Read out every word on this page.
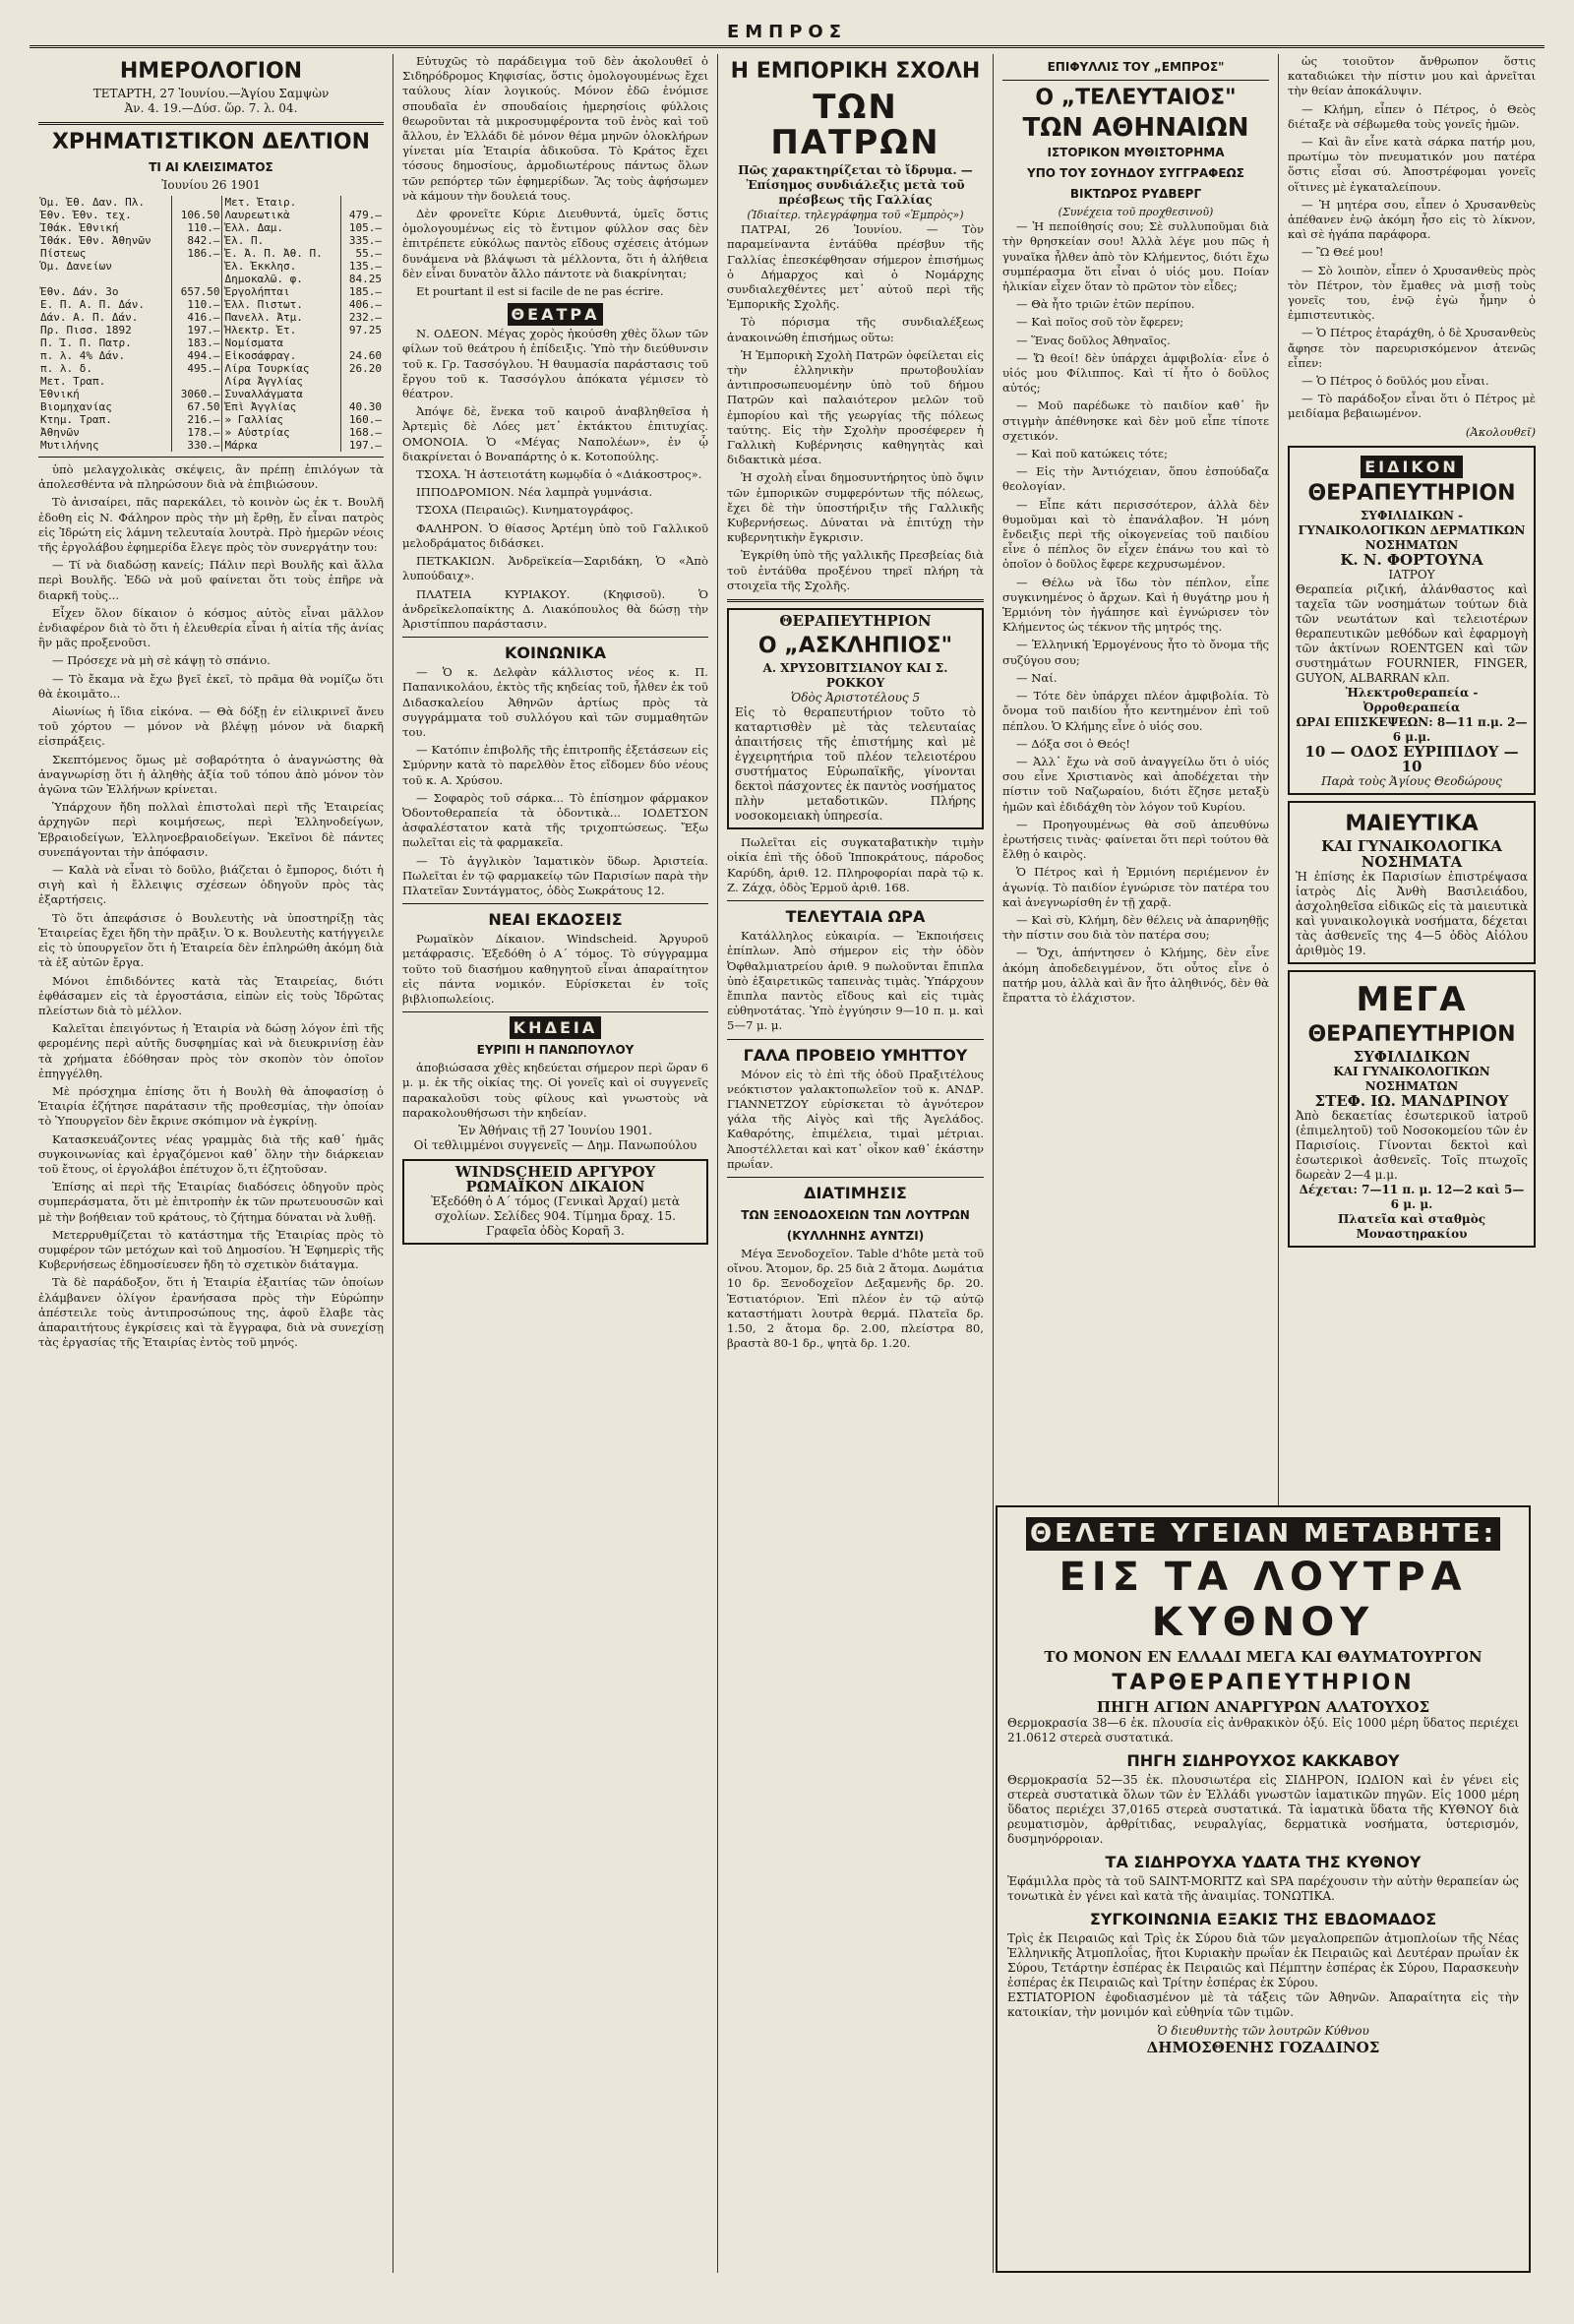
ΕΜΠΡΟΣ
ΗΜΕΡΟΛΟΓΙΟΝ
ΤΕΤΑΡΤΗ, 27 Ἰουνίου.—Ἁγίου Σαμψὼν
Ἀν. 4. 19.—Δύσ. ὥρ. 7. λ. 04.
ΧΡΗΜΑΤΙΣΤΙΚΟΝ ΔΕΛΤΙΟΝ
ΤΙ ΑΙ ΚΛΕΙΣΙΜΑΤΟΣ
Ἰουνίου 26 1901
Ὁμ. Ἐθ. Δαν. Πλ.		Μετ. Ἑταιρ.	
Ἐθν. Ἐθν. τεχ.	106.50	Λαυρεωτικὰ	479.—
Ἰθάκ. Ἐθνική	110.—	Ἑλλ. Δαμ.	105.—
Ἰθάκ. Ἐθν. Ἀθηνῶν	842.—	Ἐλ. Π.	335.—
Πίστεως	186.—	Ἐ. Ἀ. Π. Ἀθ. Π.	55.—
Ὁμ. Δανείων		Ἐλ. Ἐκκλησ.	135.—
		Δημοκαλῶ. φ.	84.25
Ἐθν. Δάν. 3ο	657.50	Ἐργολήπται	185.—
Ε. Π. Α. Π. Δάν.	110.—	Ἐλλ. Πιστωτ.	406.—
Δάν. Α. Π. Δάν.	416.—	Πανελλ. Ἀτμ.	232.—
Πρ. Πισσ. 1892	197.—	Ἠλεκτρ. Ἑτ.	97.25
Π. Ἰ. Π. Πατρ.	183.—	Νομίσματα	
π. λ. 4% Δάν.	494.—	Εἰκοσάφραγ.	24.60
π. λ. δ.	495.—	Λίρα Τουρκίας	26.20
Μετ. Τραπ.		Λίρα Ἀγγλίας	
Ἐθνική	3060.—	Συναλλάγματα	
Βιομηχανίας	67.50	Ἐπὶ Ἀγγλίας	40.30
Κτημ. Τραπ.	216.—	» Γαλλίας	160.—
Ἀθηνῶν	178.—	» Αὐστρίας	168.—
Μυτιλήνης	330.—	Μάρκα	197.—

ὑπὸ μελαγχολικὰς σκέψεις, ἂν πρέπῃ ἐπιλόγων τὰ ἀπολεσθέντα νὰ πληρώσουν διὰ νὰ ἐπιβιώσουν.

Τὸ ἀνισαίρει, πᾶς παρεκάλει, τὸ κοινὸν ὡς ἐκ τ. Βουλῆ ἐδοθη εἰς Ν. Φάληρον πρὸς τὴν μὴ ἔρθῃ, ἔν εἶναι πατρὸς εἰς Ἰδρώτη εἰς λάμνη τελευταία λουτρὰ. Πρὸ ἡμερῶν νέοις τῆς ἐργολάβου ἐφημερίδα ἔλεγε πρὸς τὸν συνεργάτην του:

— Τί νὰ διαδώσῃ κανείς; Πάλιν περὶ Βουλῆς καὶ ἄλλα περὶ Βουλῆς. Ἐδῶ νὰ μοῦ φαίνεται ὅτι τοὺς ἐπῆρε νὰ διαρκῆ τοὺς...

Εἶχεν ὅλον δίκαιον ὁ κόσμος αὐτὸς εἶναι μᾶλλον ἐνδιαφέρον διὰ τὸ ὅτι ἡ ἐλευθερία εἶναι ἡ αἰτία τῆς ἀνίας ἣν μᾶς προξενοῦσι.

— Πρόσεχε νὰ μὴ σὲ κάψῃ τὸ σπάνιο.

— Τὸ ἔκαμα νὰ ἔχω βγεῖ ἐκεῖ, τὸ πρᾶμα θὰ νομίζω ὅτι θὰ ἐκοιμᾶτο...

Αἰωνίως ἡ ἴδια εἰκόνα. — Θὰ δόξῃ ἐν εἰλικρινεῖ ἄνευ τοῦ χόρτου — μόνον νὰ βλέψῃ μόνον νὰ διαρκῆ εἰσπράξεις.

Σκεπτόμενος ὅμως μὲ σοβαρότητα ὁ ἀναγνώστης θὰ ἀναγνωρίσῃ ὅτι ἡ ἀληθὴς ἀξία τοῦ τόπου ἀπὸ μόνον τὸν ἀγῶνα τῶν Ἑλλήνων κρίνεται.

Ὑπάρχουν ἤδη πολλαὶ ἐπιστολαὶ περὶ τῆς Ἑταιρείας ἀρχηγῶν περὶ κοιμήσεως, περὶ Ἑλληνοδείγων, Ἑβραιοδείγων, Ἑλληνοεβραιοδείγων. Ἐκεῖνοι δὲ πάντες συνεπάγονται τὴν ἀπόφασιν.

— Καλὰ νὰ εἶναι τὸ δοῦλο, βιάζεται ὁ ἔμπορος, διότι ἡ σιγὴ καὶ ἡ ἔλλειψις σχέσεων ὁδηγοῦν πρὸς τὰς ἐξαρτήσεις.

Τὸ ὅτι ἀπεφάσισε ὁ Βουλευτὴς νὰ ὑποστηρίξῃ τὰς Ἑταιρείας ἔχει ἤδη τὴν πρᾶξιν. Ὁ κ. Βουλευτὴς κατήγγειλε εἰς τὸ ὑπουργεῖον ὅτι ἡ Ἑταιρεία δὲν ἐπληρώθη ἀκόμη διὰ τὰ ἐξ αὐτῶν ἔργα.

Μόνοι ἐπιδιδόντες κατὰ τὰς Ἑταιρείας, διότι ἐφθάσαμεν εἰς τὰ ἐργοστάσια, εἰπὼν εἰς τοὺς Ἰδρῶτας πλείστων διὰ τὸ μέλλον.

Καλεῖται ἐπειγόντως ἡ Ἑταιρία νὰ δώσῃ λόγον ἐπὶ τῆς φερομένης περὶ αὐτῆς δυσφημίας καὶ νὰ διευκρινίσῃ ἐὰν τὰ χρήματα ἐδόθησαν πρὸς τὸν σκοπὸν τὸν ὁποῖον ἐπηγγέλθη.

Μὲ πρόσχημα ἐπίσης ὅτι ἡ Βουλὴ θὰ ἀποφασίσῃ ὁ Ἑταιρία ἐζήτησε παράτασιν τῆς προθεσμίας, τὴν ὁποίαν τὸ Ὑπουργεῖον δὲν ἔκρινε σκόπιμον νὰ ἐγκρίνῃ.

Κατασκευάζοντες νέας γραμμὰς διὰ τῆς καθ᾽ ἡμᾶς συγκοινωνίας καὶ ἐργαζόμενοι καθ᾽ ὅλην τὴν διάρκειαν τοῦ ἔτους, οἱ ἐργολάβοι ἐπέτυχον ὅ,τι ἐζητοῦσαν.

Ἐπίσης αἱ περὶ τῆς Ἑταιρίας διαδόσεις ὁδηγοῦν πρὸς συμπεράσματα, ὅτι μὲ ἐπιτροπὴν ἐκ τῶν πρωτευουσῶν καὶ μὲ τὴν βοήθειαν τοῦ κράτους, τὸ ζήτημα δύναται νὰ λυθῇ.

Μετερρυθμίζεται τὸ κατάστημα τῆς Ἑταιρίας πρὸς τὸ συμφέρον τῶν μετόχων καὶ τοῦ Δημοσίου. Ἡ Ἐφημερὶς τῆς Κυβερνήσεως ἐδημοσίευσεν ἤδη τὸ σχετικὸν διάταγμα.

Τὰ δὲ παράδοξον, ὅτι ἡ Ἑταιρία ἐξαιτίας τῶν ὁποίων ἐλάμβανεν ὀλίγον ἐρανήσασα πρὸς τὴν Εὐρώπην ἀπέστειλε τοὺς ἀντιπροσώπους της, ἀφοῦ ἔλαβε τὰς ἀπαραιτήτους ἐγκρίσεις καὶ τὰ ἔγγραφα, διὰ νὰ συνεχίσῃ τὰς ἐργασίας τῆς Ἑταιρίας ἐντὸς τοῦ μηνός.

Εὐτυχῶς τὸ παράδειγμα τοῦ δὲν ἀκολουθεῖ ὁ Σιδηρόδρομος Κηφισίας, ὅστις ὁμολογουμένως ἔχει ταύλους λίαν λογικούς. Μόνον ἐδῶ ἐνόμισε σπουδαῖα ἐν σπουδαίοις ἡμερησίοις φύλλοις θεωροῦνται τὰ μικροσυμφέροντα τοῦ ἑνὸς καὶ τοῦ ἄλλου, ἐν Ἑλλάδι δὲ μόνον θέμα μηνῶν ὁλοκλήρων γίνεται μία Ἑταιρία ἀδικοῦσα. Τὸ Κράτος ἔχει τόσους δημοσίους, ἀρμοδιωτέρους πάντως ὅλων τῶν ρεπόρτερ τῶν ἐφημερίδων. Ἂς τοὺς ἀφήσωμεν νὰ κάμουν τὴν δουλειά τους.

Δὲν φρονεῖτε Κύριε Διευθυντά, ὑμεῖς ὅστις ὁμολογουμένως εἰς τὸ ἔντιμον φύλλον σας δὲν ἐπιτρέπετε εὐκόλως παντὸς εἴδους σχέσεις ἀτόμων δυνάμενα νὰ βλάψωσι τὰ μέλλοντα, ὅτι ἡ ἀλήθεια δὲν εἶναι δυνατὸν ἄλλο πάντοτε νὰ διακρίνηται;

Et pourtant il est si facile de ne pas écrire.

ΘΕΑΤΡΑ

Ν. ΟΔΕΟΝ. Μέγας χορὸς ἠκούσθη χθὲς ὅλων τῶν φίλων τοῦ θεάτρου ἡ ἐπίδειξις. Ὑπὸ τὴν διεύθυνσιν τοῦ κ. Γρ. Τασσόγλου. Ἡ θαυμασία παράστασις τοῦ ἔργου τοῦ κ. Τασσόγλου ἀπόκατα γέμισεν τὸ θέατρον.

Ἀπόψε δὲ, ἕνεκα τοῦ καιροῦ ἀναβληθεῖσα ἡ Ἀρτεμὶς δὲ Λόες μετ᾽ ἐκτάκτου ἐπιτυχίας. ΟΜΟΝΟΙΑ. Ὁ «Μέγας Ναπολέων», ἐν ᾧ διακρίνεται ὁ Βοναπάρτης ὁ κ. Κοτοπούλης.

ΤΣΟΧΑ. Ἡ ἀστειοτάτη κωμῳδία ὁ «Διάκοστρος».

ΙΠΠΟΔΡΟΜΙΟΝ. Νέα λαμπρὰ γυμνάσια.

ΤΣΟΧΑ (Πειραιῶς). Κινηματογράφος.

ΦΑΛΗΡΟΝ. Ὁ θίασος Ἀρτέμη ὑπὸ τοῦ Γαλλικοῦ μελοδράματος διδάσκει.

ΠΕΤΚΑΚΙΩΝ. Ἀνδρεϊκεία—Σαριδάκη, Ὁ «Ἀπὸ λυπούδαιχ».

ΠΛΑΤΕΙΑ ΚΥΡΙΑΚΟΥ. (Κηφισοῦ). Ὁ ἀνδρεῖκελοπαίκτης Δ. Λιακόπουλος θὰ δώσῃ τὴν Ἀριστίππου παράστασιν.

ΚΟΙΝΩΝΙΚΑ

— Ὁ κ. Δελφὰν κάλλιστος νέος κ. Π. Παπανικολάου, ἐκτὸς τῆς κηδείας τοῦ, ἦλθεν ἐκ τοῦ Διδασκαλείου Ἀθηνῶν ἀρτίως πρὸς τὰ συγγράμματα τοῦ συλλόγου καὶ τῶν συμμαθητῶν του.

— Κατόπιν ἐπιβολῆς τῆς ἐπιτροπῆς ἐξετάσεων εἰς Σμύρνην κατὰ τὸ παρελθὸν ἔτος εἴδομεν δύο νέους τοῦ κ. Α. Χρύσου.

— Σοφαρὸς τοῦ σάρκα... Τὸ ἐπίσημον φάρμακον Ὀδοντοθεραπεία τὰ ὀδοντικὰ... ΙΟΔΕΤΣΟΝ ἀσφαλέστατον κατὰ τῆς τριχοπτώσεως. Ἔξω πωλεῖται εἰς τὰ φαρμακεῖα.

— Τὸ ἀγγλικὸν Ἰαματικὸν ὕδωρ. Ἀριστεία. Πωλεῖται ἐν τῷ φαρμακείῳ τῶν Παρισίων παρὰ τὴν Πλατεῖαν Συντάγματος, ὁδὸς Σωκράτους 12.

ΝΕΑΙ ΕΚΔΟΣΕΙΣ

Ρωμαϊκὸν Δίκαιον. Windscheid. Ἀργυροῦ μετάφρασις. Ἐξεδόθη ὁ Α΄ τόμος. Τὸ σύγγραμμα τοῦτο τοῦ διασήμου καθηγητοῦ εἶναι ἀπαραίτητον εἰς πάντα νομικόν. Εὑρίσκεται ἐν τοῖς βιβλιοπωλείοις.

ΚΗΔΕΙΑ
ΕΥΡΙΠΙ Η ΠΑΝΩΠΟΥΛΟΥ

ἀποβιώσασα χθὲς κηδεύεται σήμερον περὶ ὥραν 6 μ. μ. ἐκ τῆς οἰκίας της. Οἱ γονεῖς καὶ οἱ συγγενεῖς παρακαλοῦσι τοὺς φίλους καὶ γνωστοὺς νὰ παρακολουθήσωσι τὴν κηδείαν.

Ἐν Ἀθήναις τῇ 27 Ἰουνίου 1901.
Οἱ τεθλιμμένοι συγγενεῖς — Δημ. Πανωπούλου
WINDSCHEID ΑΡΓΥΡΟΥ
ΡΩΜΑΪΚΟΝ ΔΙΚΑΙΟΝ
Ἐξεδόθη ὁ Α΄ τόμος (Γενικαὶ Ἀρχαί) μετὰ σχολίων. Σελίδες 904. Τίμημα δραχ. 15. Γραφεῖα ὁδὸς Κοραῆ 3.
Η ΕΜΠΟΡΙΚΗ ΣΧΟΛΗ
ΤΩΝ ΠΑΤΡΩΝ
Πῶς χαρακτηρίζεται τὸ ἴδρυμα. — Ἐπίσημος συνδιάλεξις μετὰ τοῦ πρέσβεως τῆς Γαλλίας
(Ἰδιαίτερ. τηλεγράφημα τοῦ «Ἐμπρὸς»)

ΠΑΤΡΑΙ, 26 Ἰουνίου. — Τὸν παραμείναντα ἐντάῦθα πρέσβυν τῆς Γαλλίας ἐπεσκέφθησαν σήμερον ἐπισήμως ὁ Δήμαρχος καὶ ὁ Νομάρχης συνδιαλεχθέντες μετ᾽ αὐτοῦ περὶ τῆς Ἐμπορικῆς Σχολῆς.

Τὸ πόρισμα τῆς συνδιαλέξεως ἀνακοινώθη ἐπισήμως οὕτω:

Ἡ Ἐμπορικὴ Σχολὴ Πατρῶν ὀφείλεται εἰς τὴν ἑλληνικὴν πρωτοβουλίαν ἀντιπροσωπευομένην ὑπὸ τοῦ δήμου Πατρῶν καὶ παλαιότερον μελῶν τοῦ ἐμπορίου καὶ τῆς γεωργίας τῆς πόλεως ταύτης. Εἰς τὴν Σχολὴν προσέφερεν ἡ Γαλλικὴ Κυβέρνησις καθηγητὰς καὶ διδακτικὰ μέσα.

Ἡ σχολὴ εἶναι δημοσυντήρητος ὑπὸ ὄψιν τῶν ἐμπορικῶν συμφερόντων τῆς πόλεως, ἔχει δὲ τὴν ὑποστήριξιν τῆς Γαλλικῆς Κυβερνήσεως. Δύναται νὰ ἐπιτύχῃ τὴν κυβερνητικὴν ἔγκρισιν.

Ἐγκρίθη ὑπὸ τῆς γαλλικῆς Πρεσβείας διὰ τοῦ ἐντάῦθα προξένου τηρεῖ πλήρη τὰ στοιχεῖα τῆς Σχολῆς.

ΘΕΡΑΠΕΥΤΗΡΙΟΝ
Ο „ΑΣΚΛΗΠΙΟΣ"
Α. ΧΡΥΣΟΒΙΤΣΙΑΝΟΥ ΚΑΙ Σ. ΡΟΚΚΟΥ
Ὁδὸς Ἀριστοτέλους 5
Εἰς τὸ θεραπευτήριον τοῦτο τὸ καταρτισθὲν μὲ τὰς τελευταίας ἀπαιτήσεις τῆς ἐπιστήμης καὶ μὲ ἐγχειρητήρια τοῦ πλέον τελειοτέρου συστήματος Εὐρωπαϊκῆς, γίνονται δεκτοὶ πάσχοντες ἐκ παντὸς νοσήματος πλὴν μεταδοτικῶν. Πλήρης νοσοκομειακὴ ὑπηρεσία.

Πωλεῖται εἰς συγκαταβατικὴν τιμὴν οἰκία ἐπὶ τῆς ὁδοῦ Ἱπποκράτους, πάροδος Καρύδη, ἀριθ. 12. Πληροφορίαι παρὰ τῷ κ. Ζ. Ζάχᾳ, ὁδὸς Ἑρμοῦ ἀριθ. 168.

ΤΕΛΕΥΤΑΙΑ ΩΡΑ

Κατάλληλος εὐκαιρία. — Ἐκποιήσεις ἐπίπλων. Ἀπὸ σήμερον εἰς τὴν ὁδὸν Ὀφθαλμιατρείου ἀριθ. 9 πωλοῦνται ἔπιπλα ὑπὸ ἐξαιρετικῶς ταπεινὰς τιμὰς. Ὑπάρχουν ἔπιπλα παντὸς εἴδους καὶ εἰς τιμὰς εὐθηνοτάτας. Ὑπὸ ἐγγύησιν 9—10 π. μ. καὶ 5—7 μ. μ.

ΓΑΛΑ ΠΡΟΒΕΙΟ ΥΜΗΤΤΟΥ

Μόνον εἰς τὸ ἐπὶ τῆς ὁδοῦ Πραξιτέλους νεόκτιστον γαλακτοπωλεῖον τοῦ κ. ΑΝΔΡ. ΓΙΑΝΝΕΤΖΟΥ εὑρίσκεται τὸ ἀγνότερον γάλα τῆς Αἰγὸς καὶ τῆς Ἀγελάδος. Καθαρότης, ἐπιμέλεια, τιμαὶ μέτριαι. Ἀποστέλλεται καὶ κατ᾽ οἶκον καθ᾽ ἑκάστην πρωΐαν.

ΔΙΑΤΙΜΗΣΙΣ
ΤΩΝ ΞΕΝΟΔΟΧΕΙΩΝ ΤΩΝ ΛΟΥΤΡΩΝ
(ΚΥΛΛΗΝΗΣ ΑΥΝΤΖΙ)

Μέγα Ξενοδοχεῖον. Table d'hôte μετὰ τοῦ οἴνου. Ἄτομον, δρ. 25 διὰ 2 ἄτομα. Δωμάτια 10 δρ. Ξενοδοχεῖον Δεξαμενῆς δρ. 20. Ἑστιατόριον. Ἐπὶ πλέον ἐν τῷ αὐτῷ καταστήματι λουτρὰ θερμά. Πλατεῖα δρ. 1.50, 2 ἄτομα δρ. 2.00, πλείστρα 80, βραστὰ 80-1 δρ., ψητὰ δρ. 1.20.

ΕΠΙΦΥΛΛΙΣ ΤΟΥ „ΕΜΠΡΟΣ"
Ο „ΤΕΛΕΥΤΑΙΟΣ"
ΤΩΝ ΑΘΗΝΑΙΩΝ
ΙΣΤΟΡΙΚΟΝ ΜΥΘΙΣΤΟΡΗΜΑ
ΥΠΟ ΤΟΥ ΣΟΥΗΔΟΥ ΣΥΓΓΡΑΦΕΩΣ
ΒΙΚΤΩΡΟΣ ΡΥΔΒΕΡΓ
(Συνέχεια τοῦ προχθεσινοῦ)

— Ἡ πεποίθησίς σου; Σὲ συλλυποῦμαι διὰ τὴν θρησκείαν σου! Ἀλλὰ λέγε μου πῶς ἡ γυναῖκα ἦλθεν ἀπὸ τὸν Κλήμεντος, διότι ἔχω συμπέρασμα ὅτι εἶναι ὁ υἱός μου. Ποίαν ἡλικίαν εἶχεν ὅταν τὸ πρῶτον τὸν εἶδες;

— Θὰ ἦτο τριῶν ἐτῶν περίπου.

— Καὶ ποῖος σοῦ τὸν ἔφερεν;

— Ἕνας δοῦλος Ἀθηναῖος.

— Ὤ θεοί! δὲν ὑπάρχει ἀμφιβολία· εἶνε ὁ υἱός μου Φίλιππος. Καὶ τί ἦτο ὁ δοῦλος αὐτός;

— Μοῦ παρέδωκε τὸ παιδίον καθ᾽ ἣν στιγμὴν ἀπέθνησκε καὶ δὲν μοῦ εἶπε τίποτε σχετικόν.

— Καὶ ποῦ κατώκεις τότε;

— Εἰς τὴν Ἀντιόχειαν, ὅπου ἐσπούδαζα θεολογίαν.

— Εἶπε κάτι περισσότερον, ἀλλὰ δὲν θυμοῦμαι καὶ τὸ ἐπανάλαβον. Ἡ μόνη ἔνδειξις περὶ τῆς οἰκογενείας τοῦ παιδίου εἶνε ὁ πέπλος ὃν εἶχεν ἐπάνω του καὶ τὸ ὁποῖον ὁ δοῦλος ἔφερε κεχρυσωμένον.

— Θέλω νὰ ἴδω τὸν πέπλον, εἶπε συγκινημένος ὁ ἄρχων. Καὶ ἡ θυγάτηρ μου ἡ Ἑρμιόνη τὸν ἠγάπησε καὶ ἐγνώρισεν τὸν Κλήμεντος ὡς τέκνον τῆς μητρός της.

— Ἑλληνική Ἑρμογένους ἦτο τὸ ὄνομα τῆς συζύγου σου;

— Ναί.

— Τότε δὲν ὑπάρχει πλέον ἀμφιβολία. Τὸ ὄνομα τοῦ παιδίου ἦτο κεντημένον ἐπὶ τοῦ πέπλου. Ὁ Κλήμης εἶνε ὁ υἱός σου.

— Δόξα σοι ὁ Θεός!

— Ἀλλ᾽ ἔχω νὰ σοῦ ἀναγγείλω ὅτι ὁ υἱός σου εἶνε Χριστιανὸς καὶ ἀποδέχεται τὴν πίστιν τοῦ Ναζωραίου, διότι ἔζησε μεταξὺ ἡμῶν καὶ ἐδιδάχθη τὸν λόγον τοῦ Κυρίου.

— Προηγουμένως θὰ σοῦ ἀπευθύνω ἐρωτήσεις τινὰς· φαίνεται ὅτι περὶ τούτου θὰ ἔλθῃ ὁ καιρὸς.

Ὁ Πέτρος καὶ ἡ Ἑρμιόνη περιέμενον ἐν ἀγωνίᾳ. Τὸ παιδίον ἐγνώρισε τὸν πατέρα του καὶ ἀνεγνωρίσθη ἐν τῇ χαρᾷ.

— Καὶ σὺ, Κλήμη, δὲν θέλεις νὰ ἀπαρνηθῇς τὴν πίστιν σου διὰ τὸν πατέρα σου;

— Ὄχι, ἀπήντησεν ὁ Κλήμης, δὲν εἶνε ἀκόμη ἀποδεδειγμένον, ὅτι οὗτος εἶνε ὁ πατήρ μου, ἀλλὰ καὶ ἂν ἦτο ἀληθινός, δὲν θὰ ἔπραττα τὸ ἐλάχιστον.

ὡς τοιοῦτον ἄνθρωπον ὅστις καταδιώκει τὴν πίστιν μου καὶ ἀρνεῖται τὴν θείαν ἀποκάλυψιν.

— Κλήμη, εἶπεν ὁ Πέτρος, ὁ Θεὸς διέταξε νὰ σέβωμεθα τοὺς γονεῖς ἡμῶν.

— Καὶ ἂν εἶνε κατὰ σάρκα πατήρ μου, πρωτίμω τὸν πνευματικόν μου πατέρα ὅστις εἶσαι σύ. Ἀποστρέφομαι γονεῖς οἵτινες μὲ ἐγκαταλείπουν.

— Ἡ μητέρα σου, εἶπεν ὁ Χρυσανθεὺς ἀπέθανεν ἐνῷ ἀκόμη ἦσο εἰς τὸ λίκνον, καὶ σὲ ἡγάπα παράφορα.

— Ὢ Θεέ μου!

— Σὸ λοιπὸν, εἶπεν ὁ Χρυσανθεὺς πρὸς τὸν Πέτρον, τὸν ἔμαθες νὰ μισῇ τοὺς γονεῖς του, ἐνῷ ἐγὼ ἦμην ὁ ἐμπιστευτικὸς.

— Ὁ Πέτρος ἐταράχθη, ὁ δὲ Χρυσανθεὺς ἄφησε τὸν παρευρισκόμενον ἀτενῶς εἶπεν:

— Ὁ Πέτρος ὁ δοῦλός μου εἶναι.

— Τὸ παράδοξον εἶναι ὅτι ὁ Πέτρος μὲ μειδίαμα βεβαιωμένον.

(Ἀκολουθεῖ)
ΕΙΔΙΚΟΝ
ΘΕΡΑΠΕΥΤΗΡΙΟΝ
ΣΥΦΙΛΙΔΙΚΩΝ - ΓΥΝΑΙΚΟΛΟΓΙΚΩΝ ΔΕΡΜΑΤΙΚΩΝ ΝΟΣΗΜΑΤΩΝ
Κ. Ν. ΦΟΡΤΟΥΝΑ
ΙΑΤΡΟΥ
Θεραπεία ριζική, ἀλάνθαστος καὶ ταχεῖα τῶν νοσημάτων τούτων διὰ τῶν νεωτάτων καὶ τελειοτέρων θεραπευτικῶν μεθόδων καὶ ἐφαρμογὴ τῶν ἀκτίνων ROENTGEN καὶ τῶν συστημάτων FOURNIER, FINGER, GUYON, ALBARRAN κλπ.
Ἠλεκτροθεραπεία - Ὀρροθεραπεία
ΩΡΑΙ ΕΠΙΣΚΕΨΕΩΝ: 8—11 π.μ. 2—6 μ.μ.
10 — ΟΔΟΣ ΕΥΡΙΠΙΔΟΥ — 10
Παρὰ τοὺς Ἁγίους Θεοδώρους
ΜΑΙΕΥΤΙΚΑ
ΚΑΙ ΓΥΝΑΙΚΟΛΟΓΙΚΑ ΝΟΣΗΜΑΤΑ
Ἡ ἐπίσης ἐκ Παρισίων ἐπιστρέψασα ἰατρὸς Δἰς Ἀνθὴ Βασιλειάδου, ἀσχοληθεῖσα εἰδικῶς εἰς τὰ μαιευτικὰ καὶ γυναικολογικὰ νοσήματα, δέχεται τὰς ἀσθενεῖς της 4—5 ὁδὸς Αἰόλου ἀριθμὸς 19.
ΜΕΓΑ
ΘΕΡΑΠΕΥΤΗΡΙΟΝ
ΣΥΦΙΛΙΔΙΚΩΝ
ΚΑΙ ΓΥΝΑΙΚΟΛΟΓΙΚΩΝ ΝΟΣΗΜΑΤΩΝ
ΣΤΕΦ. ΙΩ. ΜΑΝΔΡΙΝΟΥ
Ἀπὸ δεκαετίας ἐσωτερικοῦ ἰατροῦ (ἐπιμελητοῦ) τοῦ Νοσοκομείου τῶν ἐν Παρισίοις. Γίνονται δεκτοὶ καὶ ἐσωτερικοὶ ἀσθενεῖς. Τοῖς πτωχοῖς δωρεὰν 2—4 μ.μ.
Δέχεται: 7—11 π. μ. 12—2 καὶ 5—6 μ. μ.
Πλατεῖα καὶ σταθμὸς Μοναστηρακίου
ΘΕΛΕΤΕ ΥΓΕΙΑΝ ΜΕΤΑΒΗΤΕ:
ΕΙΣ ΤΑ ΛΟΥΤΡΑ ΚΥΘΝΟΥ
ΤΟ ΜΟΝΟΝ ΕΝ ΕΛΛΑΔΙ ΜΕΓΑ ΚΑΙ ΘΑΥΜΑΤΟΥΡΓΟΝ
ΤΑΡΘΕΡΑΠΕΥΤΗΡΙΟΝ
ΠΗΓΗ ΑΓΙΩΝ ΑΝΑΡΓΥΡΩΝ ΑΛΑΤΟΥΧΟΣ
Θερμοκρασία 38—6 ἐκ. πλουσία εἰς ἀνθρακικὸν ὀξύ. Εἰς 1000 μέρη ὕδατος περιέχει 21.0612 στερεὰ συστατικά.
ΠΗΓΗ ΣΙΔΗΡΟΥΧΟΣ ΚΑΚΚΑΒΟΥ
Θερμοκρασία 52—35 ἐκ. πλουσιωτέρα εἰς ΣΙΔΗΡΟΝ, ΙΩΔΙΟΝ καὶ ἐν γένει εἰς στερεὰ συστατικὰ ὅλων τῶν ἐν Ἑλλάδι γνωστῶν ἰαματικῶν πηγῶν. Εἰς 1000 μέρη ὕδατος περιέχει 37,0165 στερεὰ συστατικά. Τὰ ἰαματικὰ ὕδατα τῆς ΚΥΘΝΟΥ διὰ ρευματισμὸν, ἀρθρίτιδας, νευραλγίας, δερματικὰ νοσήματα, ὑστερισμόν, δυσμηνόρροιαν.
ΤΑ ΣΙΔΗΡΟΥΧΑ ΥΔΑΤΑ ΤΗΣ ΚΥΘΝΟΥ
Ἐφάμιλλα πρὸς τὰ τοῦ SAINT-MORITZ καὶ SPA παρέχουσιν τὴν αὐτὴν θεραπείαν ὡς τονωτικὰ ἐν γένει καὶ κατὰ τῆς ἀναιμίας. ΤΟΝΩΤΙΚΑ.
ΣΥΓΚΟΙΝΩΝΙΑ ΕΞΑΚΙΣ ΤΗΣ ΕΒΔΟΜΑΔΟΣ
Τρὶς ἐκ Πειραιῶς καὶ Τρὶς ἐκ Σύρου διὰ τῶν μεγαλοπρεπῶν ἀτμοπλοίων τῆς Νέας Ἑλληνικῆς Ἀτμοπλοΐας, ἤτοι Κυριακὴν πρωΐαν ἐκ Πειραιῶς καὶ Δευτέραν πρωΐαν ἐκ Σύρου, Τετάρτην ἐσπέρας ἐκ Πειραιῶς καὶ Πέμπτην ἐσπέρας ἐκ Σύρου, Παρασκευὴν ἐσπέρας ἐκ Πειραιῶς καὶ Τρίτην ἐσπέρας ἐκ Σύρου.
ΕΣΤΙΑΤΟΡΙΟΝ ἐφοδιασμένον μὲ τὰ τάξεις τῶν Ἀθηνῶν. Ἀπαραίτητα εἰς τὴν κατοικίαν, τὴν μονιμόν καὶ εὐθηνία τῶν τιμῶν.
Ὁ διευθυντὴς τῶν λουτρῶν Κύθνου
ΔΗΜΟΣΘΕΝΗΣ ΓΟΖΑΔΙΝΟΣ
